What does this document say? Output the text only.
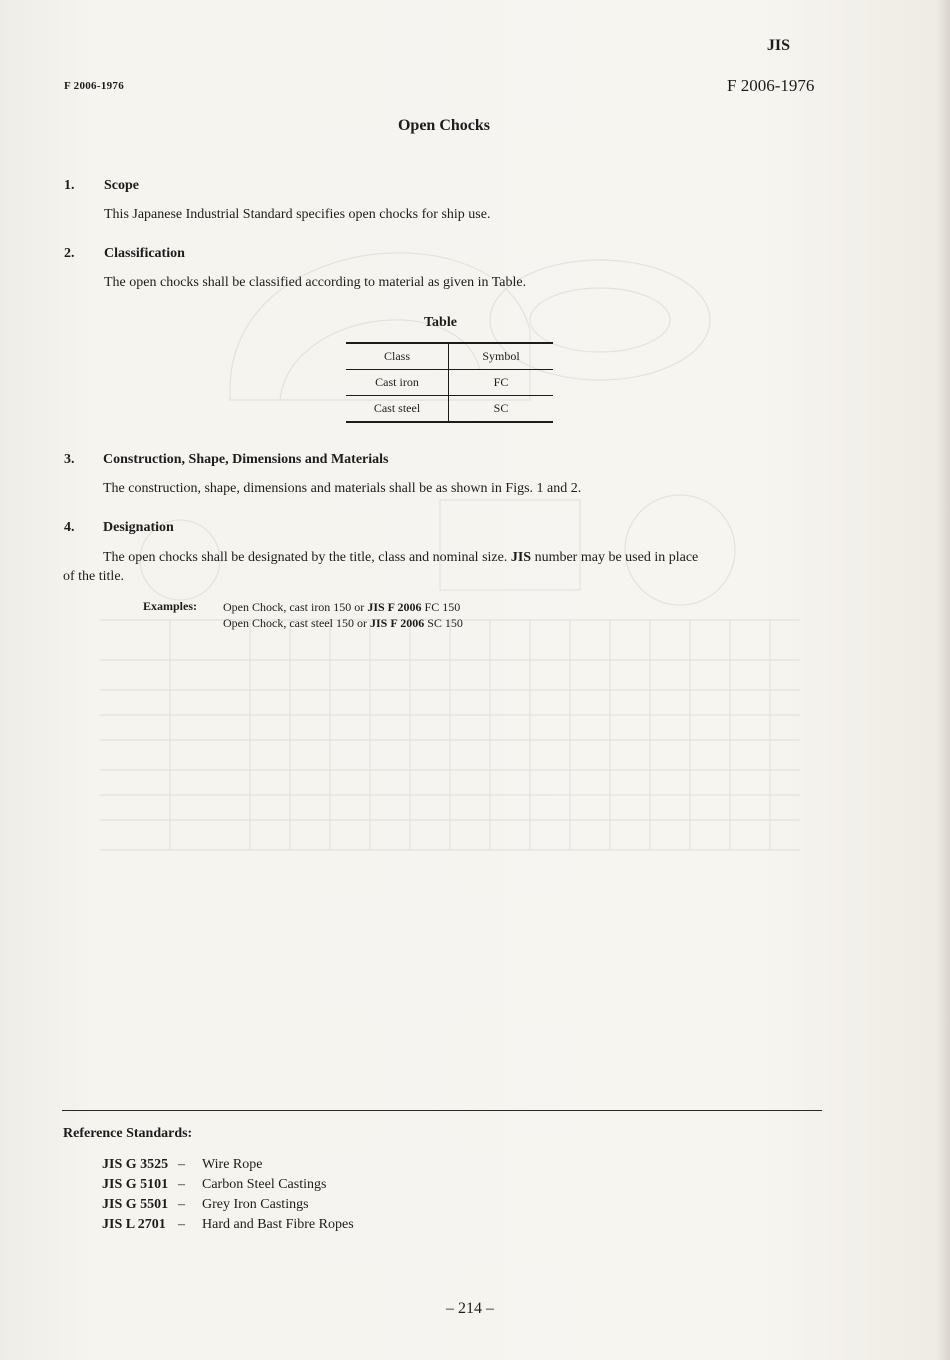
JIS
F 2006-1976	F 2006-1976
Open Chocks
1. Scope
This Japanese Industrial Standard specifies open chocks for ship use.
2. Classification
The open chocks shall be classified according to material as given in Table.
Table
Class	Symbol
Cast iron	FC
Cast steel	SC
3. Construction, Shape, Dimensions and Materials
The construction, shape, dimensions and materials shall be as shown in Figs. 1 and 2.
4. Designation
The open chocks shall be designated by the title, class and nominal size. JIS number may be used in place
of the title.
Examples: Open Chock, cast iron 150 or JIS F 2006 FC 150
Open Chock, cast steel 150 or JIS F 2006 SC 150
Reference Standards:
JIS G 3525 – Wire Rope
JIS G 5101 – Carbon Steel Castings
JIS G 5501 – Grey Iron Castings
JIS L 2701 – Hard and Bast Fibre Ropes
– 214 –
